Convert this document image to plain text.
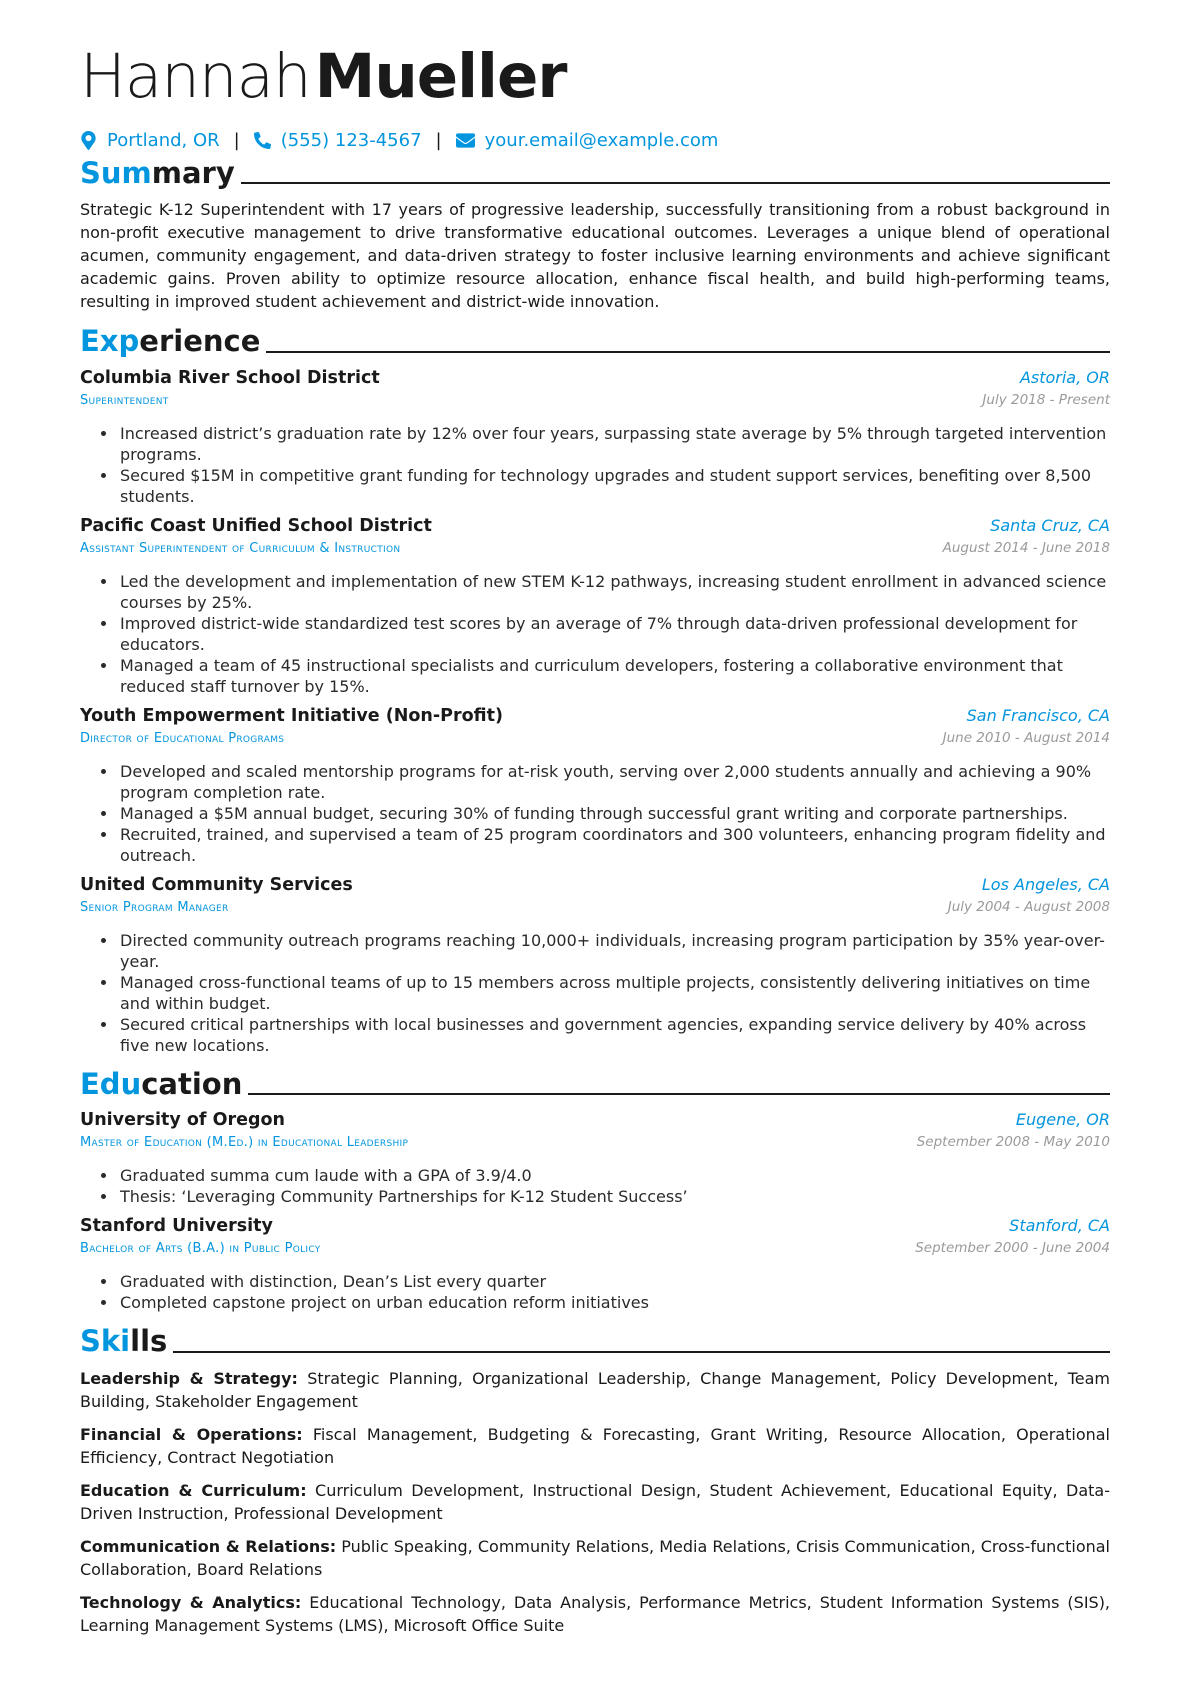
HannahMueller
Portland, OR | (555) 123-4567 | your.email@example.com
Summary

Strategic K-12 Superintendent with 17 years of progressive leadership, successfully transitioning from a robust background in non-profit executive management to drive transformative educational outcomes. Leverages a unique blend of operational acumen, community engagement, and data-driven strategy to foster inclusive learning environments and achieve significant academic gains. Proven ability to optimize resource allocation, enhance fiscal health, and build high-performing teams, resulting in improved student achievement and district-wide innovation.

Experience
Columbia River School District	Astoria, OR
Superintendent	July 2018 - Present
• Increased district’s graduation rate by 12% over four years, surpassing state average by 5% through targeted intervention programs.
• Secured $15M in competitive grant funding for technology upgrades and student support services, benefiting over 8,500 students.
Pacific Coast Unified School District	Santa Cruz, CA
Assistant Superintendent of Curriculum & Instruction	August 2014 - June 2018
• Led the development and implementation of new STEM K-12 pathways, increasing student enrollment in advanced science courses by 25%.
• Improved district-wide standardized test scores by an average of 7% through data-driven professional development for educators.
• Managed a team of 45 instructional specialists and curriculum developers, fostering a collaborative environment that reduced staff turnover by 15%.
Youth Empowerment Initiative (Non-Profit)	San Francisco, CA
Director of Educational Programs	June 2010 - August 2014
• Developed and scaled mentorship programs for at-risk youth, serving over 2,000 students annually and achieving a 90% program completion rate.
• Managed a $5M annual budget, securing 30% of funding through successful grant writing and corporate partnerships.
• Recruited, trained, and supervised a team of 25 program coordinators and 300 volunteers, enhancing program fidelity and outreach.
United Community Services	Los Angeles, CA
Senior Program Manager	July 2004 - August 2008
• Directed community outreach programs reaching 10,000+ individuals, increasing program participation by 35% year-over-year.
• Managed cross-functional teams of up to 15 members across multiple projects, consistently delivering initiatives on time and within budget.
• Secured critical partnerships with local businesses and government agencies, expanding service delivery by 40% across five new locations.
Education
University of Oregon	Eugene, OR
Master of Education (M.Ed.) in Educational Leadership	September 2008 - May 2010
• Graduated summa cum laude with a GPA of 3.9/4.0
• Thesis: ‘Leveraging Community Partnerships for K-12 Student Success’
Stanford University	Stanford, CA
Bachelor of Arts (B.A.) in Public Policy	September 2000 - June 2004
• Graduated with distinction, Dean’s List every quarter
• Completed capstone project on urban education reform initiatives
Skills
Leadership & Strategy: Strategic Planning, Organizational Leadership, Change Management, Policy Development, Team Building, Stakeholder Engagement
Financial & Operations: Fiscal Management, Budgeting & Forecasting, Grant Writing, Resource Allocation, Operational Efficiency, Contract Negotiation
Education & Curriculum: Curriculum Development, Instructional Design, Student Achievement, Educational Equity, Data-Driven Instruction, Professional Development
Communication & Relations: Public Speaking, Community Relations, Media Relations, Crisis Communication, Cross-functional Collaboration, Board Relations
Technology & Analytics: Educational Technology, Data Analysis, Performance Metrics, Student Information Systems (SIS), Learning Management Systems (LMS), Microsoft Office Suite
